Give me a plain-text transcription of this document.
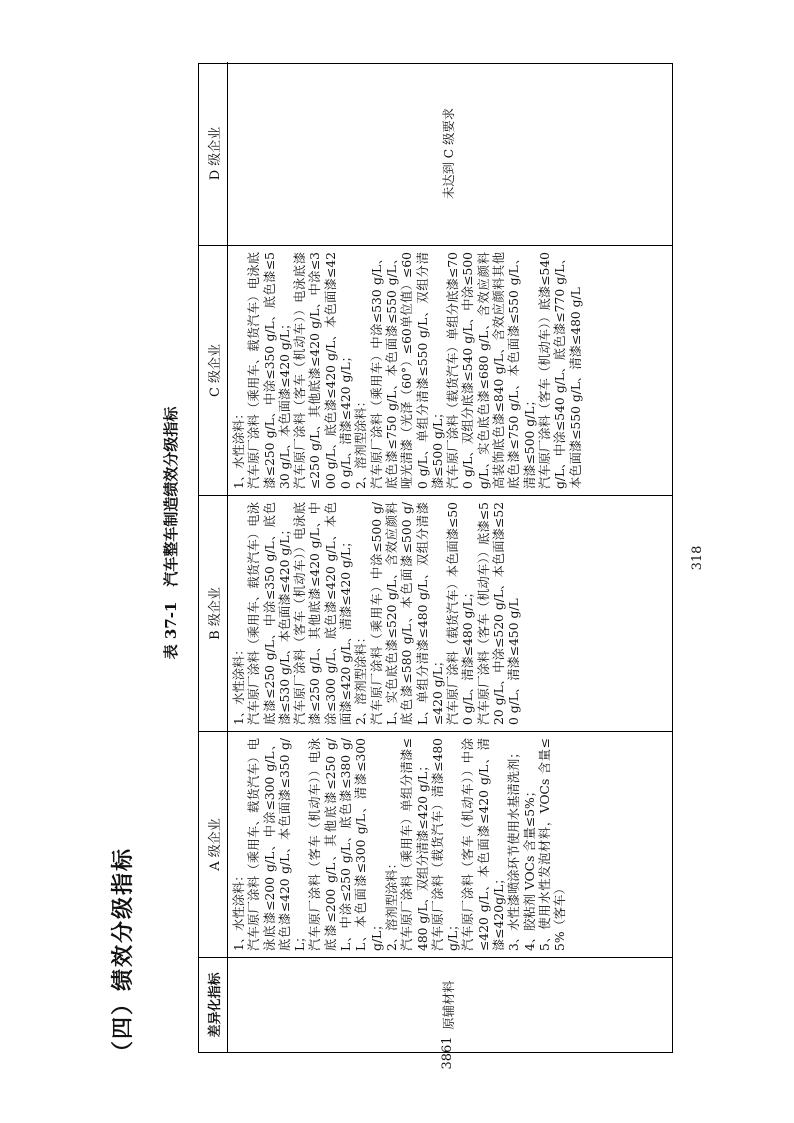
（四）绩效分级指标
表 37-1　汽车整车制造绩效分级指标
3861
318
差异化指标	原辅材料
A 级企业

1、水性涂料： 汽车原厂涂料（乘用车、载货汽车）电泳底漆≤200 g/L、中涂≤300 g/L、底色漆≤420 g/L、本色面漆≤350 g/L； 汽车原厂涂料（客车（机动车））电泳底漆≤200 g/L、其他底漆≤250 g/L、中涂≤250 g/L、底色漆≤380 g/L、本色面漆≤300 g/L、清漆≤300 g/L； 2、溶剂型涂料： 汽车原厂涂料（乘用车）单组分清漆≤480 g/L、双组分清漆≤420 g/L； 汽车原厂涂料（载货汽车）清漆≤480 g/L； 汽车原厂涂料（客车（机动车））中涂≤420 g/L、本色面漆≤420 g/L、清漆≤420g/L； 3、水性漆喷涂环节使用水基清洗剂； 4、胶粘剂 VOCs 含量≤5%； 5、使用水性发泡材料，VOCs 含量≤5%（客车）

B 级企业

1、水性涂料： 汽车原厂涂料（乘用车、载货汽车）电泳底漆≤250 g/L、中涂≤350 g/L、底色漆≤530 g/L、本色面漆≤420 g/L； 汽车原厂涂料（客车（机动车））电泳底漆≤250 g/L、其他底漆≤420 g/L、中涂≤300 g/L、底色漆≤420 g/L、本色面漆≤420 g/L、清漆≤420 g/L； 2、溶剂型涂料： 汽车原厂涂料（乘用车）中涂≤500 g/L、实色底色漆≤520 g/L、含效应颜料底色漆≤580 g/L、本色面漆≤500 g/L、单组分清漆≤480 g/L、双组分清漆≤420 g/L； 汽车原厂涂料（载货汽车）本色面漆≤500 g/L、清漆≤480 g/L； 汽车原厂涂料（客车（机动车））底漆≤520 g/L、中涂≤520 g/L、本色面漆≤520 g/L、清漆≤450 g/L

C 级企业

1、水性涂料： 汽车原厂涂料（乘用车、载货汽车）电泳底漆≤250 g/L、中涂≤350 g/L、底色漆≤530 g/L、本色面漆≤420 g/L； 汽车原厂涂料（客车（机动车））电泳底漆≤250 g/L、其他底漆≤420 g/L、中涂≤300 g/L、底色漆≤420 g/L、本色面漆≤420 g/L、清漆≤420 g/L； 2、溶剂型涂料： 汽车原厂涂料（乘用车）中涂≤530 g/L、底色漆≤750 g/L、本色面漆≤550 g/L、哑光清漆（光泽（60°）≤60单位值）≤600 g/L、单组分清漆≤550 g/L、双组分清漆≤500 g/L； 汽车原厂涂料（载货汽车）单组分底漆≤700 g/L、双组分底漆≤540 g/L、中涂≤500 g/L、实色底色漆≤680 g/L、含效应颜料高装饰底色漆≤840 g/L、含效应颜料其他底色漆≤750 g/L、本色面漆≤550 g/L、清漆≤500 g/L； 汽车原厂涂料（客车（机动车））底漆≤540 g/L、中涂≤540 g/L、底色漆≤770 g/L、本色面漆≤550 g/L、清漆≤480 g/L

D 级企业	未达到 C 级要求
